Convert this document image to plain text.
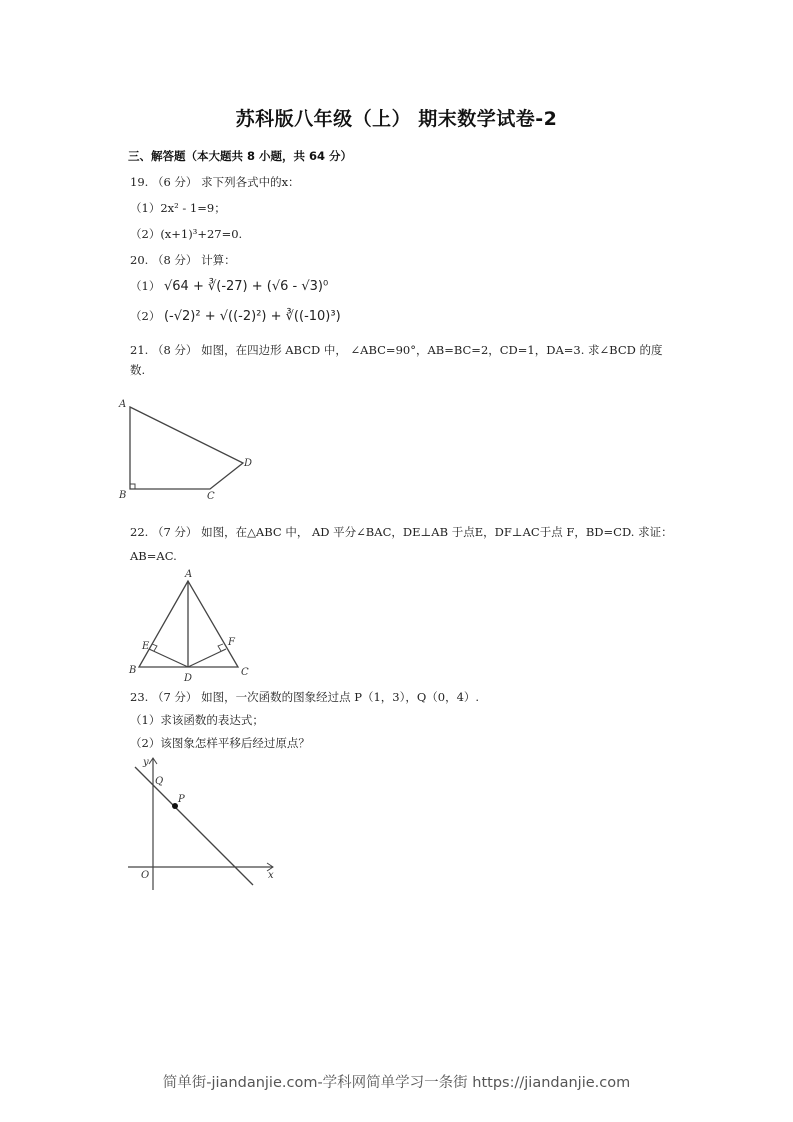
苏科版八年级（上） 期末数学试卷-2
三、解答题（本大题共 8 小题，共 64 分）
19. （6 分） 求下列各式中的x：
（1）2x² - 1=9；
（2）(x+1)³+27=0.
20. （8 分） 计算：
（1） √64 + ∛(-27) + (√6 - √3)⁰
（2） (-√2)² + √((-2)²) + ∛((-10)³)
21. （8 分） 如图，在四边形 ABCD 中， ∠ABC=90°，AB=BC=2，CD=1，DA=3. 求∠BCD 的度
数.
A
B	C
D
22. （7 分） 如图，在△ABC 中， AD 平分∠BAC，DE⊥AB 于点E，DF⊥AC于点 F，BD=CD. 求证：
AB=AC.
A
B	C
D
E	F
23. （7 分） 如图，一次函数的图象经过点 P（1，3），Q（0，4）.
（1）求该函数的表达式；
（2）该图象怎样平移后经过原点？
y
x
O
Q
P
简单街-jiandanjie.com-学科网简单学习一条街 https://jiandanjie.com
